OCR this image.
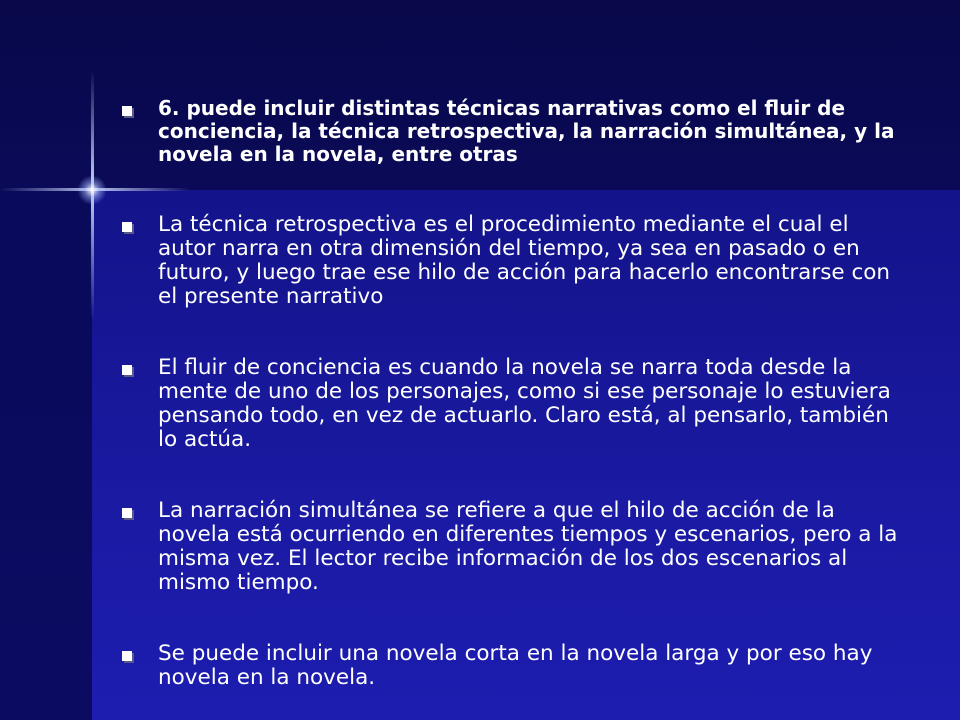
6. puede incluir distintas técnicas narrativas como el fluir de conciencia, la técnica retrospectiva, la narración simultánea, y la novela en la novela, entre otras
La técnica retrospectiva es el procedimiento mediante el cual el autor narra en otra dimensión del tiempo, ya sea en pasado o en futuro, y luego trae ese hilo de acción para hacerlo encontrarse con el presente narrativo
El fluir de conciencia es cuando la novela se narra toda desde la mente de uno de los personajes, como si ese personaje lo estuviera pensando todo, en vez de actuarlo. Claro está, al pensarlo, también lo actúa.
La narración simultánea se refiere a que el hilo de acción de la novela está ocurriendo en diferentes tiempos y escenarios, pero a la misma vez. El lector recibe información de los dos escenarios al mismo tiempo.
Se puede incluir una novela corta en la novela larga y por eso hay novela en la novela.
